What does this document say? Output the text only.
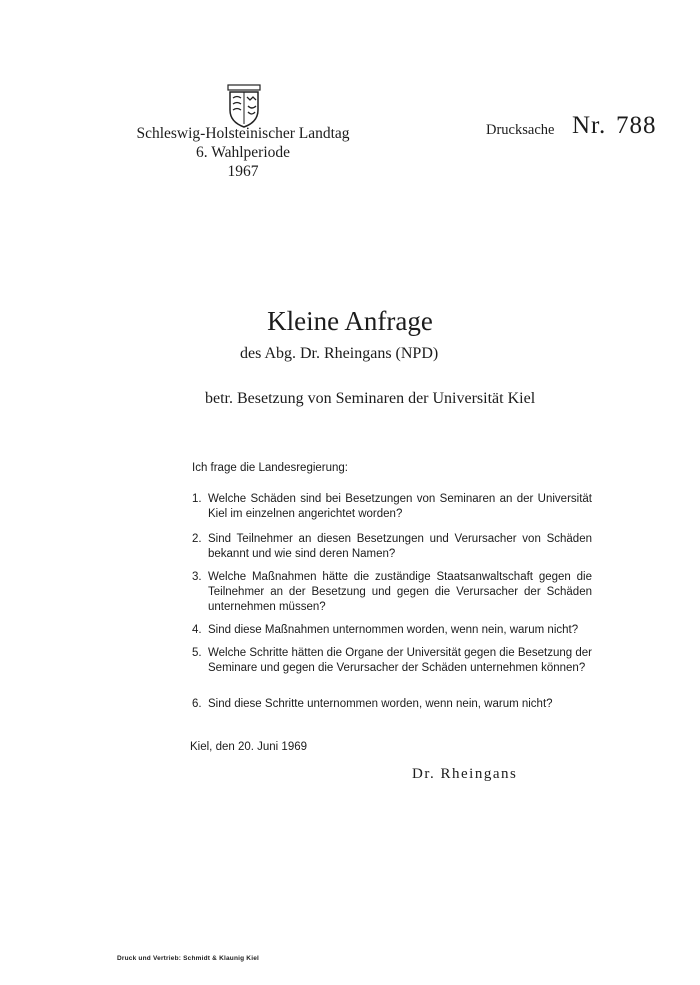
Schleswig-Holsteinischer Landtag
6. Wahlperiode
1967
Drucksache Nr. 788
Kleine Anfrage
des Abg. Dr. Rheingans (NPD)
betr. Besetzung von Seminaren der Universität Kiel
Ich frage die Landesregierung:
1. Welche Schäden sind bei Besetzungen von Seminaren an der Universität Kiel im einzelnen angerichtet worden?
2. Sind Teilnehmer an diesen Besetzungen und Verursacher von Schäden bekannt und wie sind deren Namen?
3. Welche Maßnahmen hätte die zuständige Staatsanwaltschaft gegen die Teilnehmer an der Besetzung und gegen die Verursacher der Schäden unternehmen müssen?
4. Sind diese Maßnahmen unternommen worden, wenn nein, warum nicht?
5. Welche Schritte hätten die Organe der Universität gegen die Besetzung der Seminare und gegen die Verursacher der Schäden unternehmen können?
6. Sind diese Schritte unternommen worden, wenn nein, warum nicht?
Kiel, den 20. Juni 1969
Dr. Rheingans
Druck und Vertrieb: Schmidt & Klaunig Kiel
